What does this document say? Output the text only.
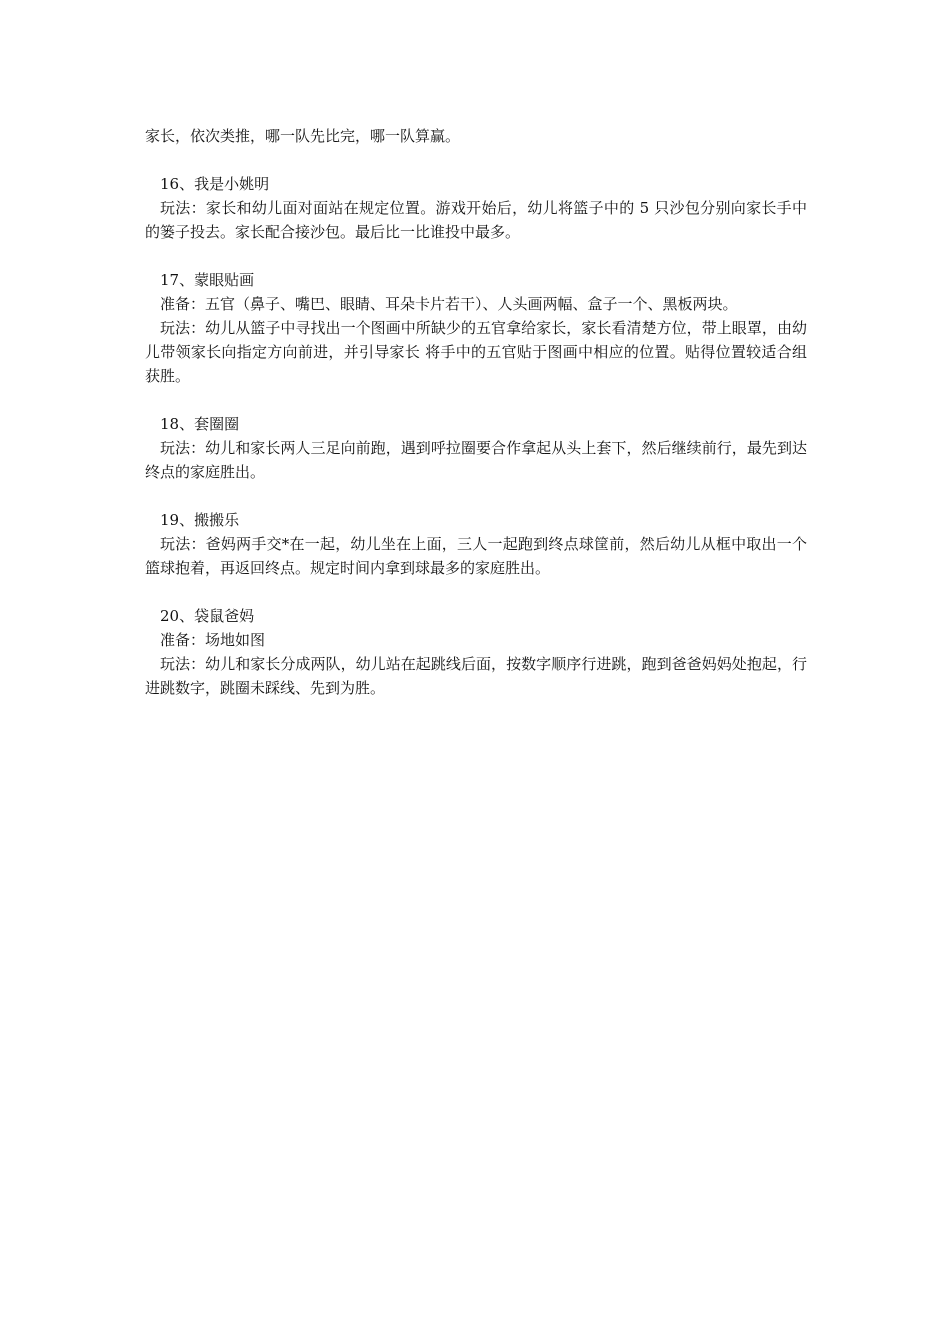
家长，依次类推，哪一队先比完，哪一队算赢。
16、我是小姚明
玩法：家长和幼儿面对面站在规定位置。游戏开始后，幼儿将篮子中的 5 只沙包分别向家长手中的篓子投去。家长配合接沙包。最后比一比谁投中最多。
17、蒙眼贴画
准备：五官（鼻子、嘴巴、眼睛、耳朵卡片若干）、人头画两幅、盒子一个、黑板两块。
玩法：幼儿从篮子中寻找出一个图画中所缺少的五官拿给家长，家长看清楚方位，带上眼罩，由幼儿带领家长向指定方向前进，并引导家长 将手中的五官贴于图画中相应的位置。贴得位置较适合组获胜。
18、套圈圈
玩法：幼儿和家长两人三足向前跑，遇到呼拉圈要合作拿起从头上套下，然后继续前行，最先到达终点的家庭胜出。
19、搬搬乐
玩法：爸妈两手交*在一起，幼儿坐在上面，三人一起跑到终点球筐前，然后幼儿从框中取出一个篮球抱着，再返回终点。规定时间内拿到球最多的家庭胜出。
20、袋鼠爸妈
准备：场地如图
玩法：幼儿和家长分成两队，幼儿站在起跳线后面，按数字顺序行进跳，跑到爸爸妈妈处抱起，行进跳数字，跳圈未踩线、先到为胜。
